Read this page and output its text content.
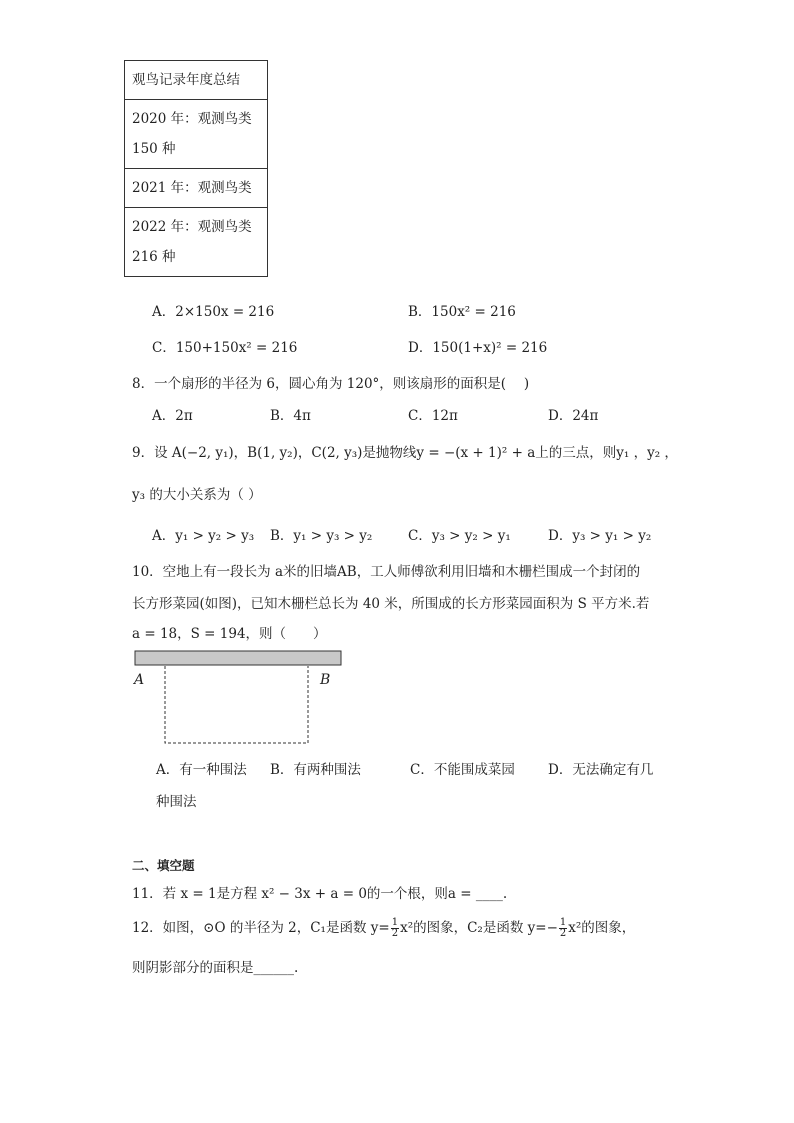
观鸟记录年度总结
2020 年：观测鸟类150 种
2021 年：观测鸟类
2022 年：观测鸟类216 种
A．2×150x = 216	B．150x² = 216
C．150+150x² = 216	D．150(1+x)² = 216
8．一个扇形的半径为 6，圆心角为 120°，则该扇形的面积是(　 )
A．2π	B．4π	C．12π	D．24π
9．设 A(−2, y₁)，B(1, y₂)，C(2, y₃)是抛物线y = −(x + 1)² + a上的三点，则y₁ ，y₂ ，
y₃ 的大小关系为（ ）
A．y₁ > y₂ > y₃ B．y₁ > y₃ > y₂	C．y₃ > y₂ > y₁	D．y₃ > y₁ > y₂
10．空地上有一段长为 a米的旧墙AB，工人师傅欲利用旧墙和木栅栏围成一个封闭的
长方形菜园(如图)，已知木栅栏总长为 40 米，所围成的长方形菜园面积为 S 平方米.若
a = 18，S = 194，则（　　）
A	B
A．有一种围法 B．有两种围法	C．不能围成菜园 D．无法确定有几
种围法
二、填空题
11．若 x = 1是方程 x² − 3x + a = 0的一个根，则a = ____.
12．如图，⊙O 的半径为 2，C₁是函数 $y= \frac{1}{2} x^2$的图象，C₂是函数 $y=- \frac{1}{2} x^2$的图象，
则阴影部分的面积是______.
